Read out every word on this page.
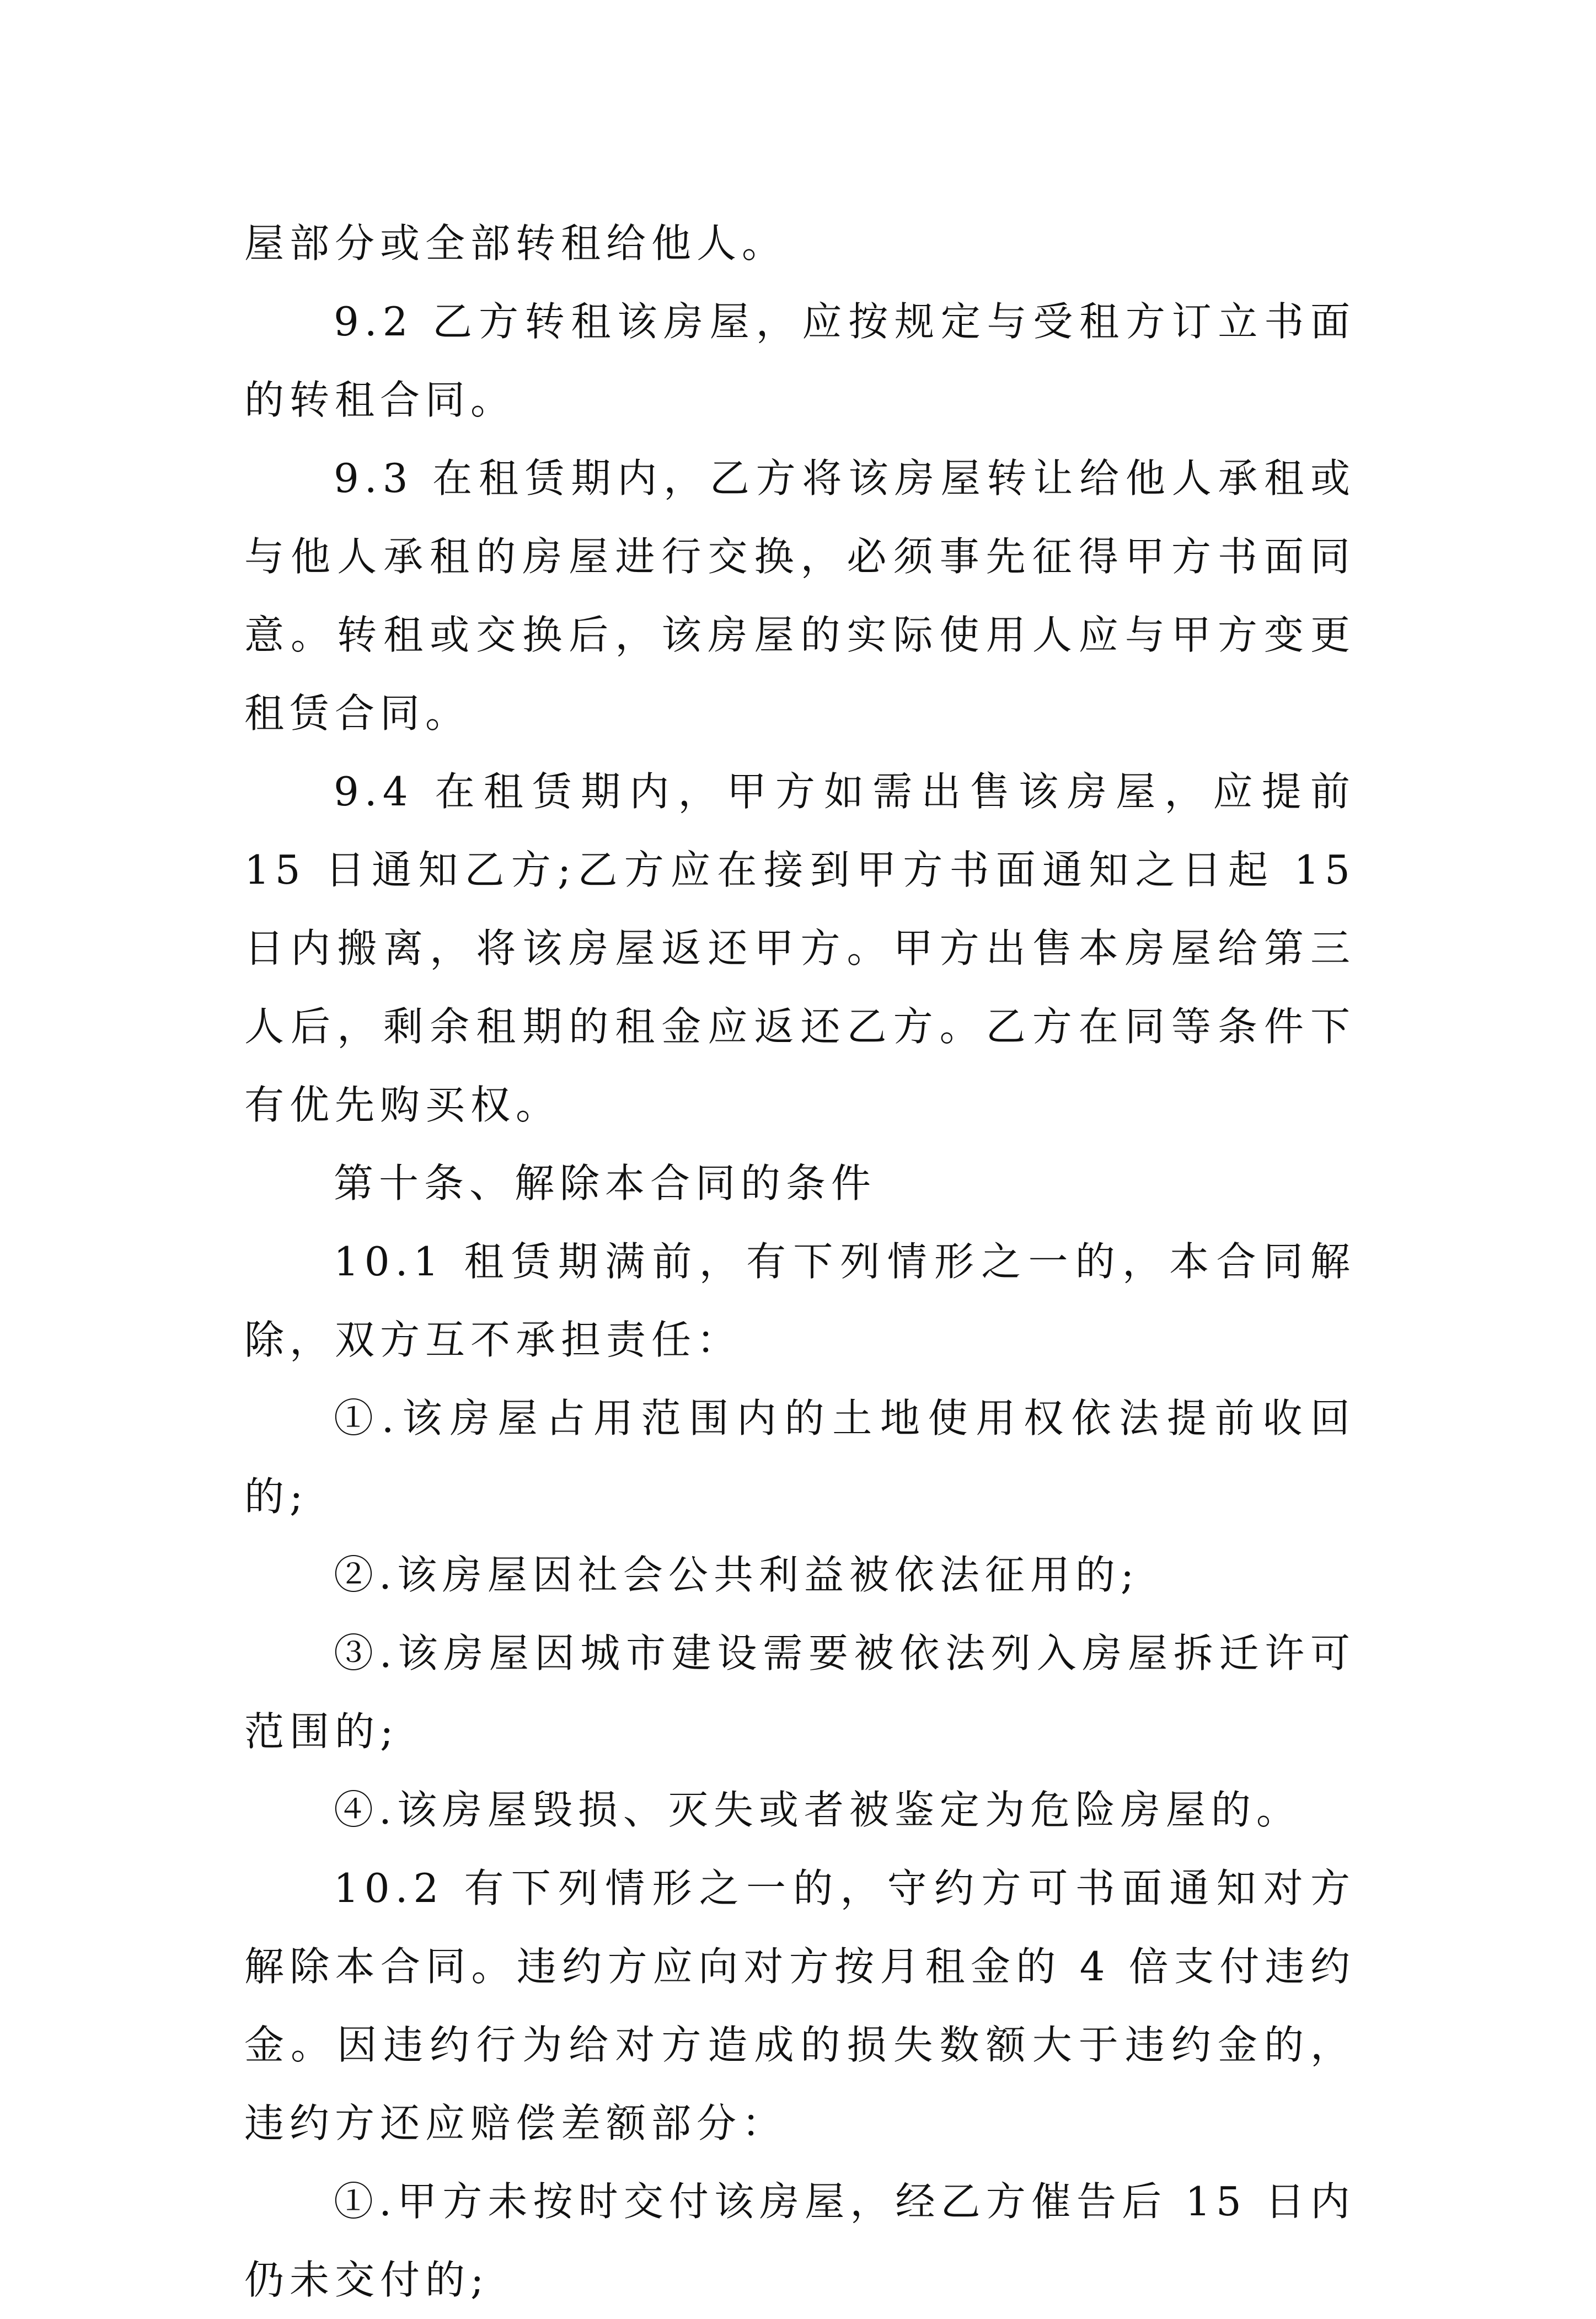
屋部分或全部转租给他人。

9.2 乙方转租该房屋，应按规定与受租方订立书面的转租合同。

9.3 在租赁期内，乙方将该房屋转让给他人承租或与他人承租的房屋进行交换，必须事先征得甲方书面同意。转租或交换后，该房屋的实际使用人应与甲方变更租赁合同。

9.4 在租赁期内，甲方如需出售该房屋，应提前 15 日通知乙方;乙方应在接到甲方书面通知之日起 15 日内搬离，将该房屋返还甲方。甲方出售本房屋给第三人后，剩余租期的租金应返还乙方。乙方在同等条件下有优先购买权。

第十条、解除本合同的条件

10.1 租赁期满前，有下列情形之一的，本合同解除，双方互不承担责任：

①.该房屋占用范围内的土地使用权依法提前收回的;

②.该房屋因社会公共利益被依法征用的;

③.该房屋因城市建设需要被依法列入房屋拆迁许可范围的;

④.该房屋毁损、灭失或者被鉴定为危险房屋的。

10.2 有下列情形之一的，守约方可书面通知对方解除本合同。违约方应向对方按月租金的 4 倍支付违约金。因违约行为给对方造成的损失数额大于违约金的，违约方还应赔偿差额部分：

①.甲方未按时交付该房屋，经乙方催告后 15 日内仍未交付的;
